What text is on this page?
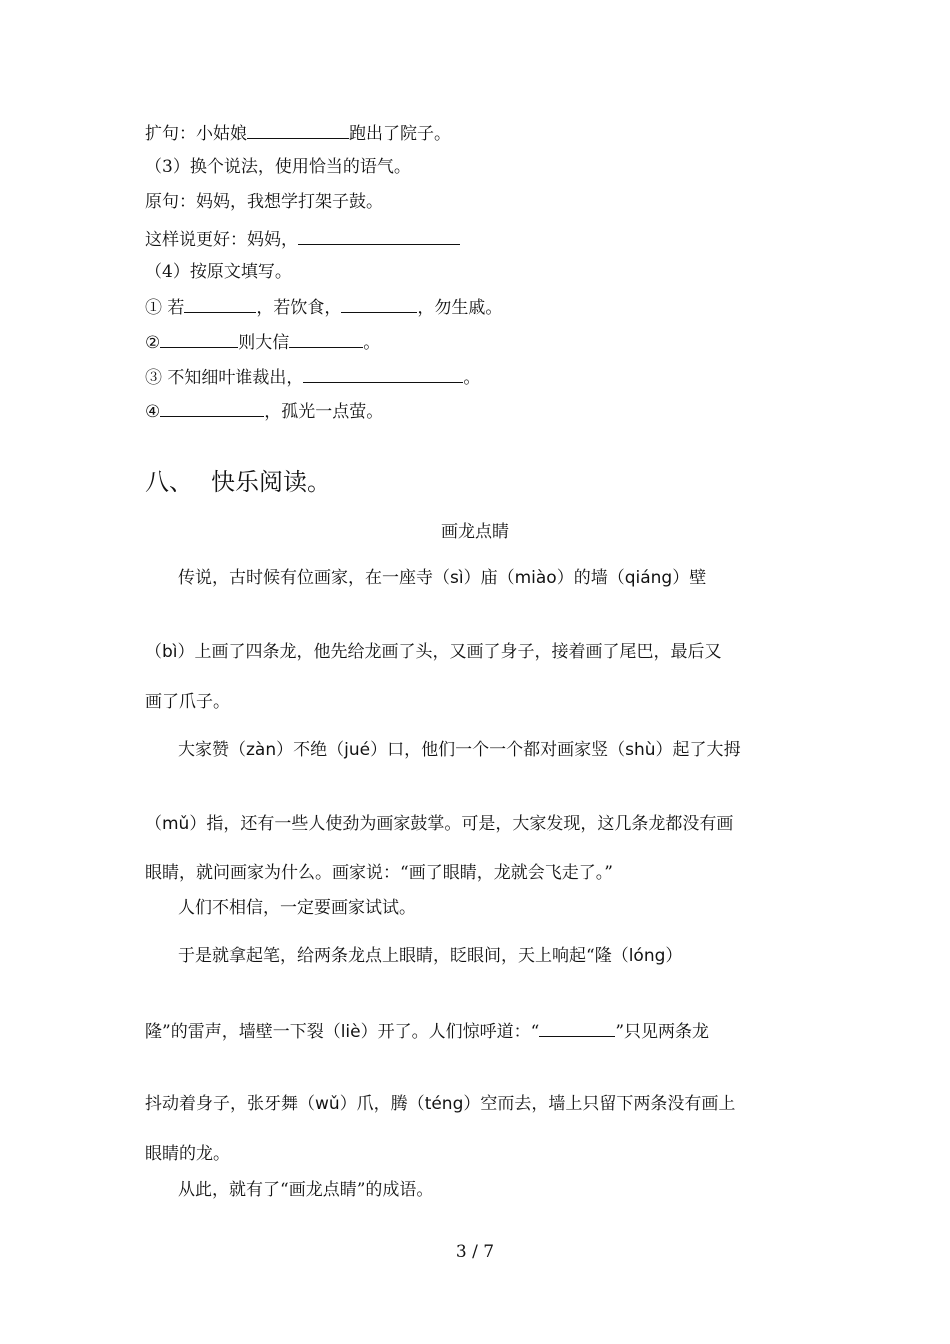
扩句：小姑娘	跑出了院子。
（3）换个说法，使用恰当的语气。
原句：妈妈，我想学打架子鼓。
这样说更好：妈妈，
（4）按原文填写。
① 若	，若饮食，	，勿生戚。
②	则大信	。
③ 不知细叶谁裁出，	。
④	，孤光一点萤。
八、 快乐阅读。
画龙点睛
传说，古时候有位画家，在一座寺（sì）庙（miào）的墙（qiáng）壁
（bì）上画了四条龙，他先给龙画了头，又画了身子，接着画了尾巴，最后又
画了爪子。
大家赞（zàn）不绝（jué）口，他们一个一个都对画家竖（shù）起了大拇
（mǔ）指，还有一些人使劲为画家鼓掌。可是，大家发现，这几条龙都没有画
眼睛，就问画家为什么。画家说：“画了眼睛，龙就会飞走了。”
人们不相信，一定要画家试试。
于是就拿起笔，给两条龙点上眼睛，眨眼间，天上响起“隆（lóng）
隆”的雷声，墙壁一下裂（liè）开了。人们惊呼道：“	”只见两条龙
抖动着身子，张牙舞（wǔ）爪，腾（téng）空而去，墙上只留下两条没有画上
眼睛的龙。
从此，就有了“画龙点睛”的成语。
3 / 7
